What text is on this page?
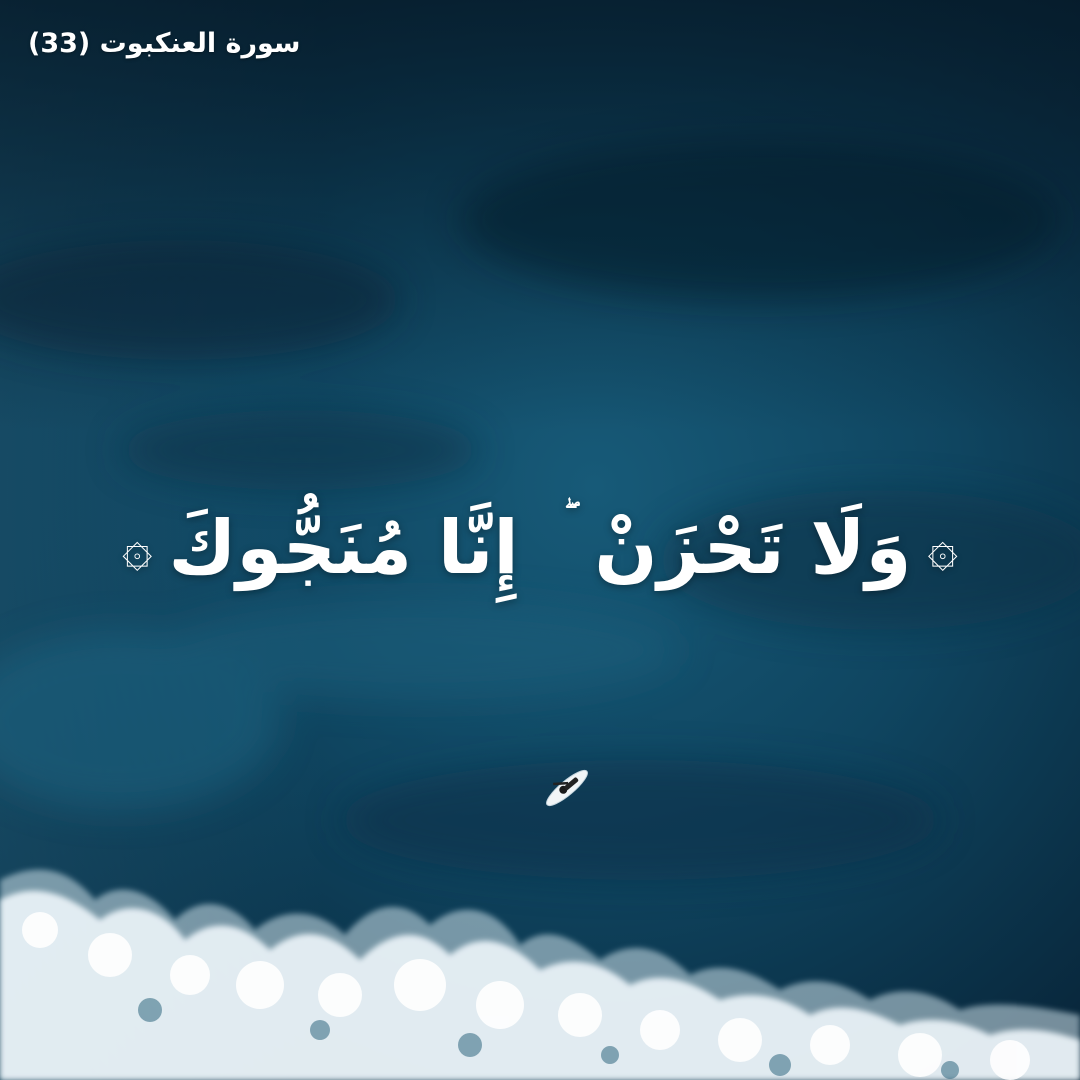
سورة العنكبوت (33)
۞
وَلَا تَحْزَنْ  إِنَّا مُنَجُّوكَ
۞
